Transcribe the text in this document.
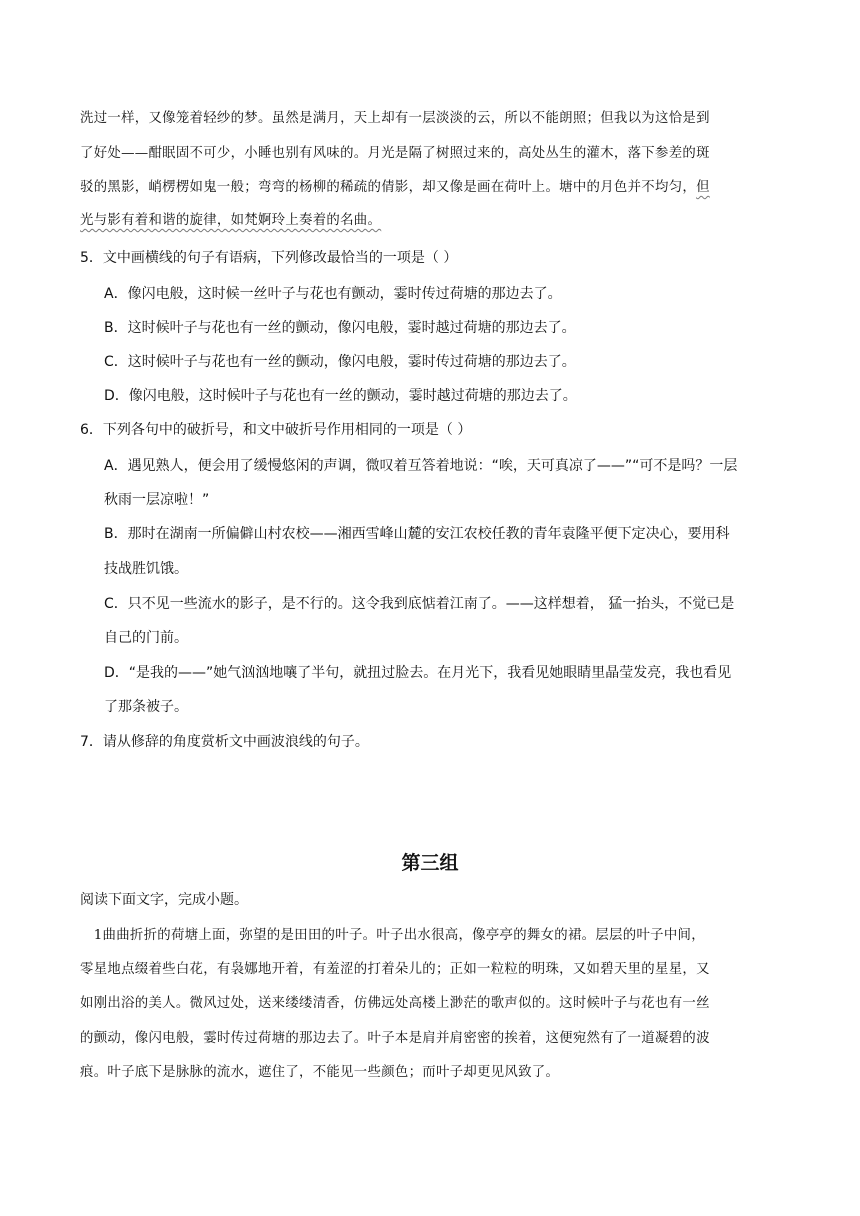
洗过一样，又像笼着轻纱的梦。虽然是满月，天上却有一层淡淡的云，所以不能朗照；但我以为这恰是到
了好处——酣眠固不可少，小睡也别有风味的。月光是隔了树照过来的，高处丛生的灌木，落下参差的斑
驳的黑影，峭楞楞如鬼一般；弯弯的杨柳的稀疏的倩影，却又像是画在荷叶上。塘中的月色并不均匀，但
光与影有着和谐的旋律，如梵婀玲上奏着的名曲。
5．文中画横线的句子有语病，下列修改最恰当的一项是（ ）
A．像闪电般，这时候一丝叶子与花也有颤动，霎时传过荷塘的那边去了。
B．这时候叶子与花也有一丝的颤动，像闪电般，霎时越过荷塘的那边去了。
C．这时候叶子与花也有一丝的颤动，像闪电般，霎时传过荷塘的那边去了。
D．像闪电般，这时候叶子与花也有一丝的颤动，霎时越过荷塘的那边去了。
6．下列各句中的破折号，和文中破折号作用相同的一项是（ ）
A．遇见熟人，便会用了缓慢悠闲的声调，微叹着互答着地说：“唉，天可真凉了——”“可不是吗？一层
秋雨一层凉啦！”
B．那时在湖南一所偏僻山村农校——湘西雪峰山麓的安江农校任教的青年袁隆平便下定决心，要用科
技战胜饥饿。
C．只不见一些流水的影子，是不行的。这令我到底惦着江南了。——这样想着， 猛一抬头，不觉已是
自己的门前。
D．“是我的——”她气汹汹地嚷了半句，就扭过脸去。在月光下，我看见她眼睛里晶莹发亮，我也看见
了那条被子。
7．请从修辞的角度赏析文中画波浪线的句子。
第三组
阅读下面文字，完成小题。
　1曲曲折折的荷塘上面，弥望的是田田的叶子。叶子出水很高，像亭亭的舞女的裙。层层的叶子中间，
零星地点缀着些白花，有袅娜地开着，有羞涩的打着朵儿的；正如一粒粒的明珠，又如碧天里的星星，又
如刚出浴的美人。微风过处，送来缕缕清香，仿佛远处高楼上渺茫的歌声似的。这时候叶子与花也有一丝
的颤动，像闪电般，霎时传过荷塘的那边去了。叶子本是肩并肩密密的挨着，这便宛然有了一道凝碧的波
痕。叶子底下是脉脉的流水，遮住了，不能见一些颜色；而叶子却更见风致了。
